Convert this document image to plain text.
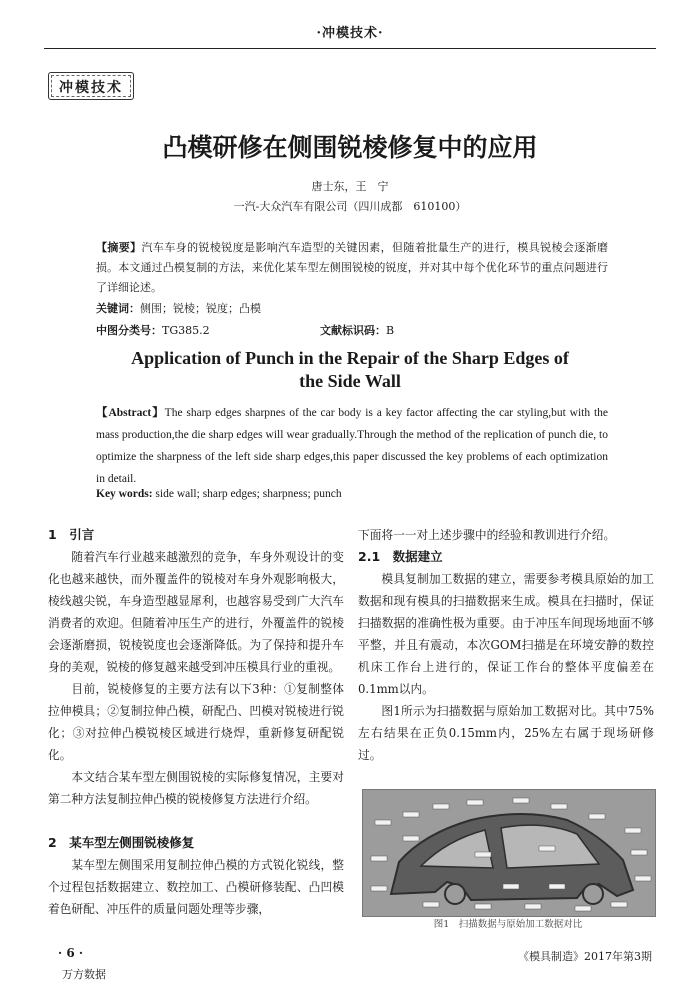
·冲模技术·
冲模技术
凸模研修在侧围锐棱修复中的应用
唐士东，王　宁
一汽-大众汽车有限公司（四川成都　610100）
【摘要】汽车车身的锐棱锐度是影响汽车造型的关键因素，但随着批量生产的进行，模具锐棱会逐渐磨损。本文通过凸模复制的方法，来优化某车型左侧围锐棱的锐度，并对其中每个优化环节的重点问题进行了详细论述。
关键词：侧围；锐棱；锐度；凸模
中图分类号：TG385.2	文献标识码：B
Application of Punch in the Repair of the Sharp Edges of the Side Wall
【Abstract】The sharp edges sharpnes of the car body is a key factor affecting the car styling,but with the mass production,the die sharp edges will wear gradually.Through the method of the replication of punch die, to optimize the sharpness of the left side sharp edges,this paper discussed the key problems of each optimization in detail.
Key words: side wall; sharp edges; sharpness; punch
1　引言

随着汽车行业越来越激烈的竞争，车身外观设计的变化也越来越快，而外覆盖件的锐棱对车身外观影响极大，棱线越尖锐，车身造型越显犀利，也越容易受到广大汽车消费者的欢迎。但随着冲压生产的进行，外覆盖件的锐棱会逐渐磨损，锐棱锐度也会逐渐降低。为了保持和提升车身的美观，锐棱的修复越来越受到冲压模具行业的重视。

目前，锐棱修复的主要方法有以下3种：①复制整体拉伸模具；②复制拉伸凸模，研配凸、凹模对锐棱进行锐化；③对拉伸凸模锐棱区域进行烧焊，重新修复研配锐化。

本文结合某车型左侧围锐棱的实际修复情况，主要对第二种方法复制拉伸凸模的锐棱修复方法进行介绍。

2　某车型左侧围锐棱修复

某车型左侧围采用复制拉伸凸模的方式锐化锐线，整个过程包括数据建立、数控加工、凸模研修装配、凸凹模着色研配、冲压件的质量问题处理等步骤，

下面将一一对上述步骤中的经验和教训进行介绍。

2.1　数据建立

模具复制加工数据的建立，需要参考模具原始的加工数据和现有模具的扫描数据来生成。模具在扫描时，保证扫描数据的准确性极为重要。由于冲压车间现场地面不够平整，并且有震动，本次GOM扫描是在环境安静的数控机床工作台上进行的，保证工作台的整体平度偏差在0.1mm以内。

图1所示为扫描数据与原始加工数据对比。其中75%左右结果在正负0.15mm内，25%左右属于现场研修过。

图1　扫描数据与原始加工数据对比
· 6 ·
万方数据
《模具制造》2017年第3期
